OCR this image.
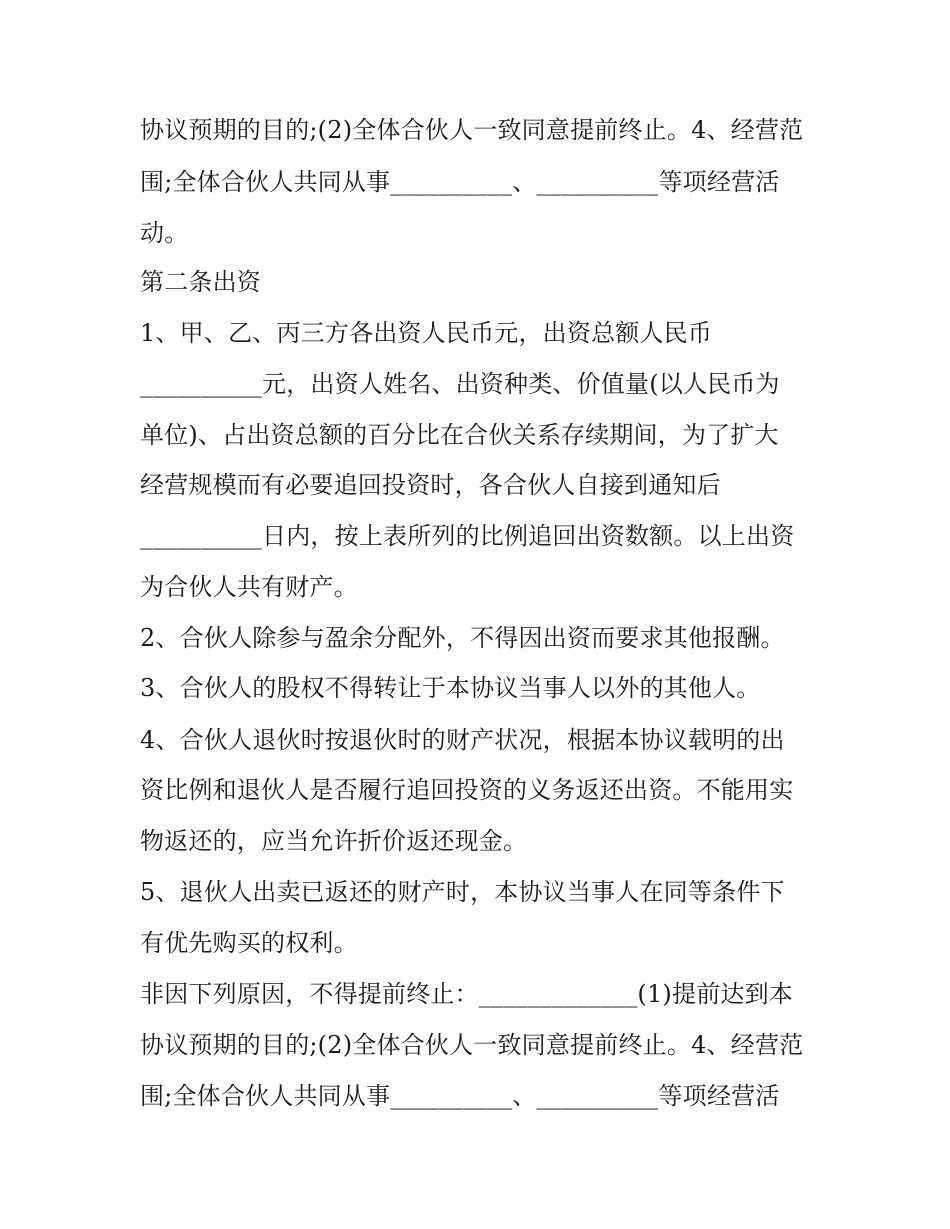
协议预期的目的;(2)全体合伙人一致同意提前终止。4、经营范
围;全体合伙人共同从事__________、__________等项经营活
动。
第二条出资
1、甲、乙、丙三方各出资人民币元，出资总额人民币
__________元，出资人姓名、出资种类、价值量(以人民币为
单位)、占出资总额的百分比在合伙关系存续期间，为了扩大
经营规模而有必要追回投资时，各合伙人自接到通知后
__________日内，按上表所列的比例追回出资数额。以上出资
为合伙人共有财产。
2、合伙人除参与盈余分配外，不得因出资而要求其他报酬。
3、合伙人的股权不得转让于本协议当事人以外的其他人。
4、合伙人退伙时按退伙时的财产状况，根据本协议载明的出
资比例和退伙人是否履行追回投资的义务返还出资。不能用实
物返还的，应当允许折价返还现金。
5、退伙人出卖已返还的财产时，本协议当事人在同等条件下
有优先购买的权利。
非因下列原因，不得提前终止：_____________(1)提前达到本
协议预期的目的;(2)全体合伙人一致同意提前终止。4、经营范
围;全体合伙人共同从事__________、__________等项经营活
